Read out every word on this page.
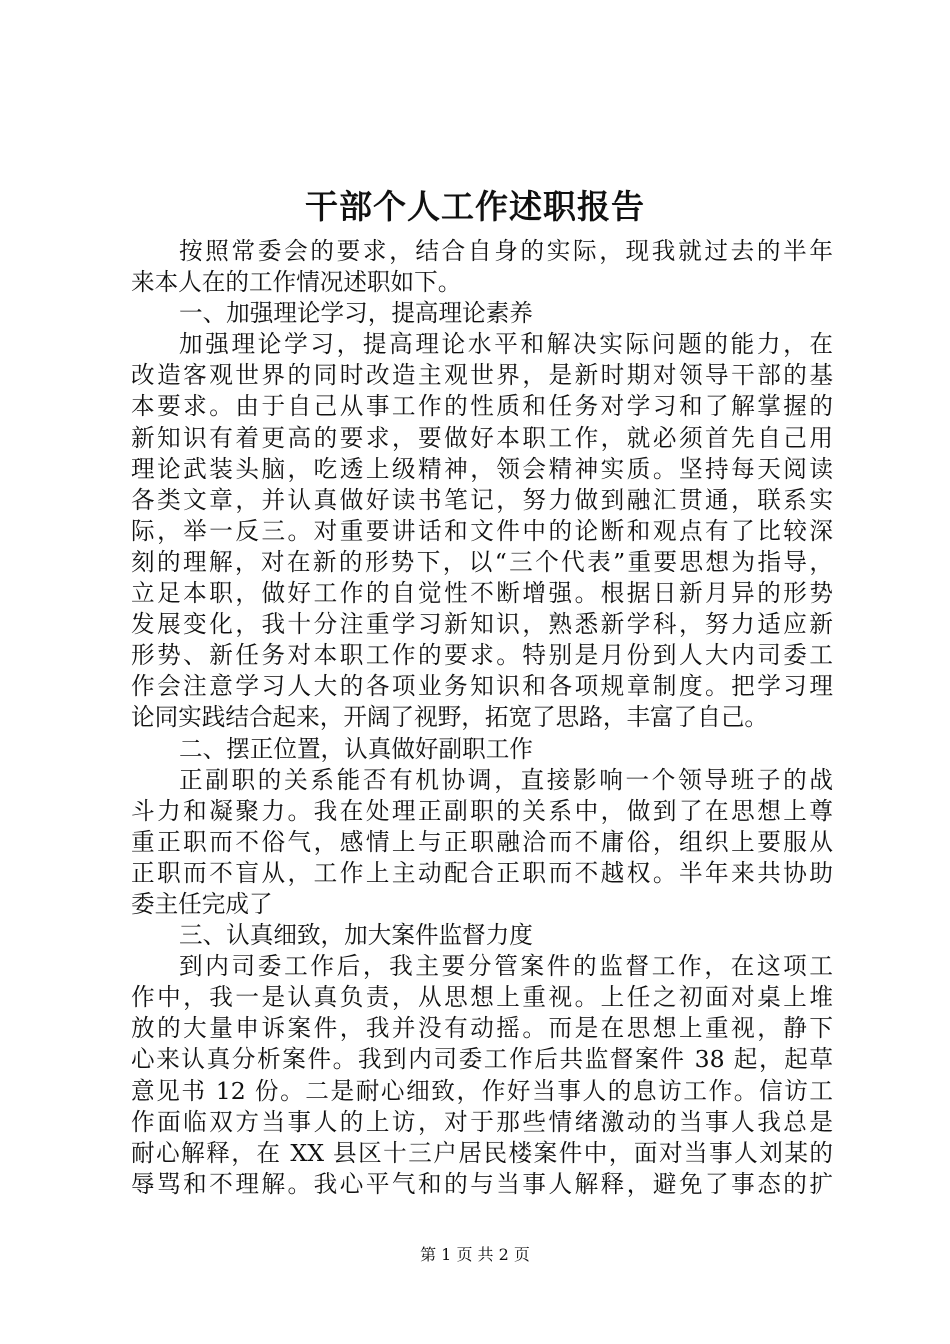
干部个人工作述职报告
按照常委会的要求，结合自身的实际，现我就过去的半年
来本人在的工作情况述职如下。
一、加强理论学习，提高理论素养
加强理论学习，提高理论水平和解决实际问题的能力，在
改造客观世界的同时改造主观世界，是新时期对领导干部的基
本要求。由于自己从事工作的性质和任务对学习和了解掌握的
新知识有着更高的要求，要做好本职工作，就必须首先自己用
理论武装头脑，吃透上级精神，领会精神实质。坚持每天阅读
各类文章，并认真做好读书笔记，努力做到融汇贯通，联系实
际，举一反三。对重要讲话和文件中的论断和观点有了比较深
刻的理解，对在新的形势下，以“三个代表”重要思想为指导，
立足本职，做好工作的自觉性不断增强。根据日新月异的形势
发展变化，我十分注重学习新知识，熟悉新学科，努力适应新
形势、新任务对本职工作的要求。特别是月份到人大内司委工
作会注意学习人大的各项业务知识和各项规章制度。把学习理
论同实践结合起来，开阔了视野，拓宽了思路，丰富了自己。
二、摆正位置，认真做好副职工作
正副职的关系能否有机协调，直接影响一个领导班子的战
斗力和凝聚力。我在处理正副职的关系中，做到了在思想上尊
重正职而不俗气，感情上与正职融洽而不庸俗，组织上要服从
正职而不盲从，工作上主动配合正职而不越权。半年来共协助
委主任完成了
三、认真细致，加大案件监督力度
到内司委工作后，我主要分管案件的监督工作，在这项工
作中，我一是认真负责，从思想上重视。上任之初面对桌上堆
放的大量申诉案件，我并没有动摇。而是在思想上重视，静下
心来认真分析案件。我到内司委工作后共监督案件 38 起，起草
意见书 12 份。二是耐心细致，作好当事人的息访工作。信访工
作面临双方当事人的上访，对于那些情绪激动的当事人我总是
耐心解释，在 XX 县区十三户居民楼案件中，面对当事人刘某的
辱骂和不理解。我心平气和的与当事人解释，避免了事态的扩
第 1 页 共 2 页
